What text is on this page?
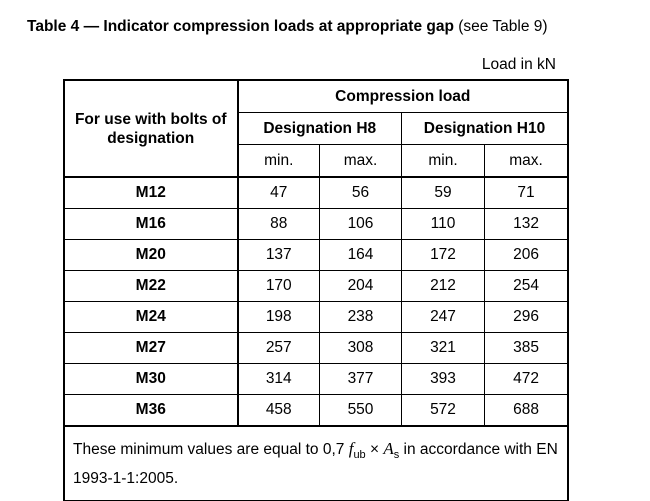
Table 4 — Indicator compression loads at appropriate gap (see Table 9)
Load in kN
For use with bolts of designation	Compression load			
	Designation H8		Designation H10	
	min.	max.	min.	max.
M12	47	56	59	71
M16	88	106	110	132
M20	137	164	172	206
M22	170	204	212	254
M24	198	238	247	296
M27	257	308	321	385
M30	314	377	393	472
M36	458	550	572	688
These minimum values are equal to 0,7 $f_{ub} \times A_s$ in accordance with EN 1993-1-1:2005.				
